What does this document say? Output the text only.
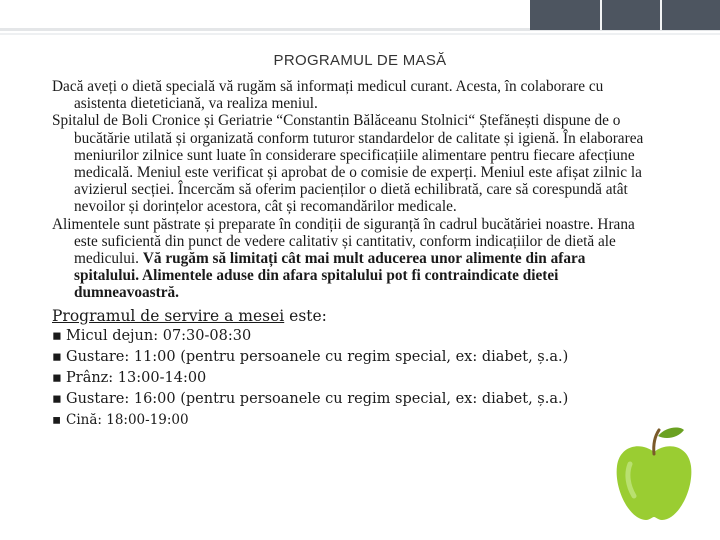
PROGRAMUL DE MASĂ

Dacă aveți o dietă specială vă rugăm să informați medicul curant. Acesta, în colaborare cu asistenta dieteticiană, va realiza meniul.

Spitalul de Boli Cronice și Geriatrie “Constantin Bălăceanu Stolnici“ Ștefănești dispune de o bucătărie utilată și organizată conform tuturor standardelor de calitate și igienă. În elaborarea meniurilor zilnice sunt luate în considerare specificațiile alimentare pentru fiecare afecțiune medicală. Meniul este verificat și aprobat de o comisie de experți. Meniul este afișat zilnic la avizierul secției. Încercăm să oferim pacienților o dietă echilibrată, care să corespundă atât nevoilor și dorințelor acestora, cât și recomandărilor medicale.

Alimentele sunt păstrate și preparate în condiții de siguranță în cadrul bucătăriei noastre. Hrana este suficientă din punct de vedere calitativ și cantitativ, conform indicațiilor de dietă ale medicului. Vă rugăm să limitați cât mai mult aducerea unor alimente din afara spitalului. Alimentele aduse din afara spitalului pot fi contraindicate dietei dumneavoastră.

Programul de servire a mesei este:

▪ Micul dejun: 07:30-08:30

▪ Gustare: 11:00 (pentru persoanele cu regim special, ex: diabet, ș.a.)

▪ Prânz: 13:00-14:00

▪ Gustare: 16:00 (pentru persoanele cu regim special, ex: diabet, ș.a.)

▪ Cină: 18:00-19:00
